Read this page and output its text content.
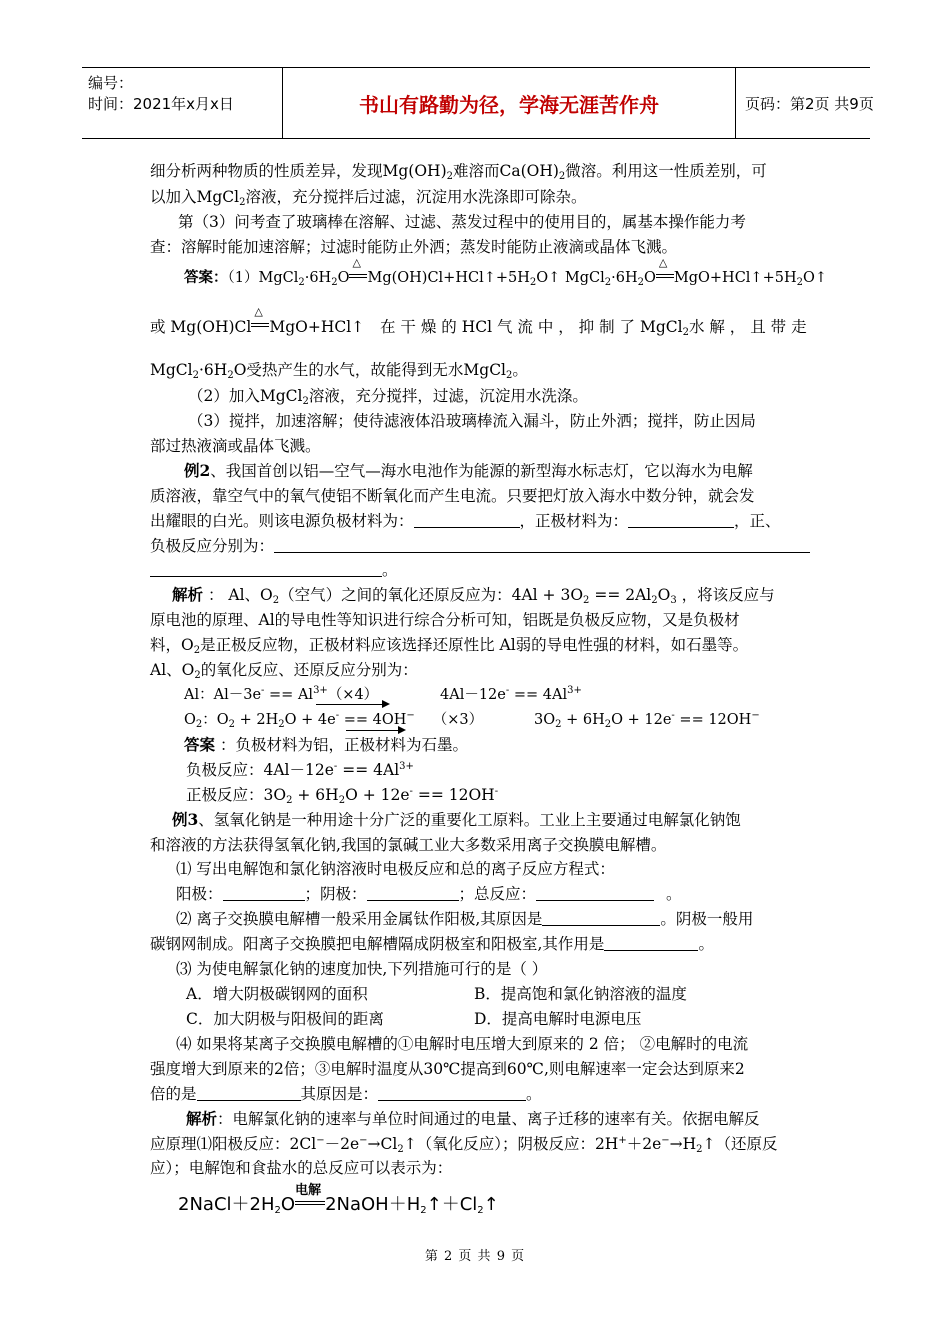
编号：
时间：2021年x月x日	书山有路勤为径，学海无涯苦作舟	页码：第2页 共9页
细分析两种物质的性质差异，发现$Mg(OH)_2$难溶而$Ca(OH)_2$微溶。利用这一性质差别，可
以加入MgCl$_2$溶液，充分搅拌后过滤，沉淀用水洗涤即可除杂。
第（3）问考查了玻璃棒在溶解、过滤、蒸发过程中的使用目的，属基本操作能力考
查：溶解时能加速溶解；过滤时能防止外洒；蒸发时能防止液滴或晶体飞溅。
答案：$(1)MgCl_2\cdot 6H_2O\triangle$ $Mg(OH)Cl+HCl↑+5H_2O↑$ $MgCl_2\cdot 6H_2O\triangle$ $MgO+HCl↑+5H_2O↑$
或 Mg(OH)Cl△ MgO+HCl↑ 在 干 燥 的 HCl 气 流 中 ， 抑 制 了 MgCl$_2$水 解 ， 且 带 走
$MgCl_2\cdot 6H_2O$受热产生的水气，故能得到无水MgCl$_2$。
（2）加入MgCl$_2$溶液，充分搅拌，过滤，沉淀用水洗涤。
（3）搅拌，加速溶解；使待滤液体沿玻璃棒流入漏斗，防止外洒；搅拌，防止因局
部过热液滴或晶体飞溅。
例2、我国首创以铝—空气—海水电池作为能源的新型海水标志灯，它以海水为电解
质溶液，靠空气中的氧气使铝不断氧化而产生电流。只要把灯放入海水中数分钟，就会发
出耀眼的白光。则该电源负极材料为：	，正极材料为：	，正、
负极反应分别为：
。
解析 ： Al、$O_2$（空气）之间的氧化还原反应为：$4Al + 3O_2 == 2Al_2O_3$ ，将该反应与
原电池的原理、Al的导电性等知识进行综合分析可知，铝既是负极反应物，又是负极材
料，$O_2$是正极反应物，正极材料应该选择还原性比 Al弱的导电性强的材料，如石墨等。
Al、$O_2$的氧化反应、还原反应分别为：
Al：$Al-3e^- == Al^{3+}(\times 4)$	$4Al-12e^- == 4Al^{3+}$
$O_2$：$O_2 + 2H_2O + 4e^- == 4OH^-$ （×3）	$3O_2 + 6H_2O + 12e^- == 12OH^-$
答案 ：负极材料为铝，正极材料为石墨。
负极反应：$4Al-12e^- == 4Al^{3+}$
正极反应：$3O_2 + 6H_2O + 12e^- == 12OH^-$
例3、氢氧化钠是一种用途十分广泛的重要化工原料。工业上主要通过电解氯化钠饱
和溶液的方法获得氢氧化钠,我国的氯碱工业大多数采用离子交换膜电解槽。
⑴ 写出电解饱和氯化钠溶液时电极反应和总的离子反应方程式：
阳极：	；阴极：	；总反应：	。
⑵ 离子交换膜电解槽一般采用金属钛作阳极,其原因是	。阴极一般用
碳钢网制成。阳离子交换膜把电解槽隔成阴极室和阳极室,其作用是	。
⑶ 为使电解氯化钠的速度加快,下列措施可行的是（ ）
A．增大阴极碳钢网的面积	B．提高饱和氯化钠溶液的温度
C．加大阴极与阳极间的距离	D．提高电解时电源电压
⑷ 如果将某离子交换膜电解槽的①电解时电压增大到原来的 2 倍； ②电解时的电流
强度增大到原来的2倍；③电解时温度从30℃提高到60℃,则电解速率一定会达到原来2
倍的是	其原因是：	。
解析：电解氯化钠的速率与单位时间通过的电量、离子迁移的速率有关。依据电解反
应原理⑴阳极反应：$2Cl^--2e^-\to Cl_2↑$（氧化反应）；阴极反应：$2H^++2e^-\to H_2↑$（还原反
应）；电解饱和食盐水的总反应可以表示为：
$2NaCl+2H_2O$
电解
$2NaOH+H_2↑+Cl_2↑$
第 2 页 共 9 页
